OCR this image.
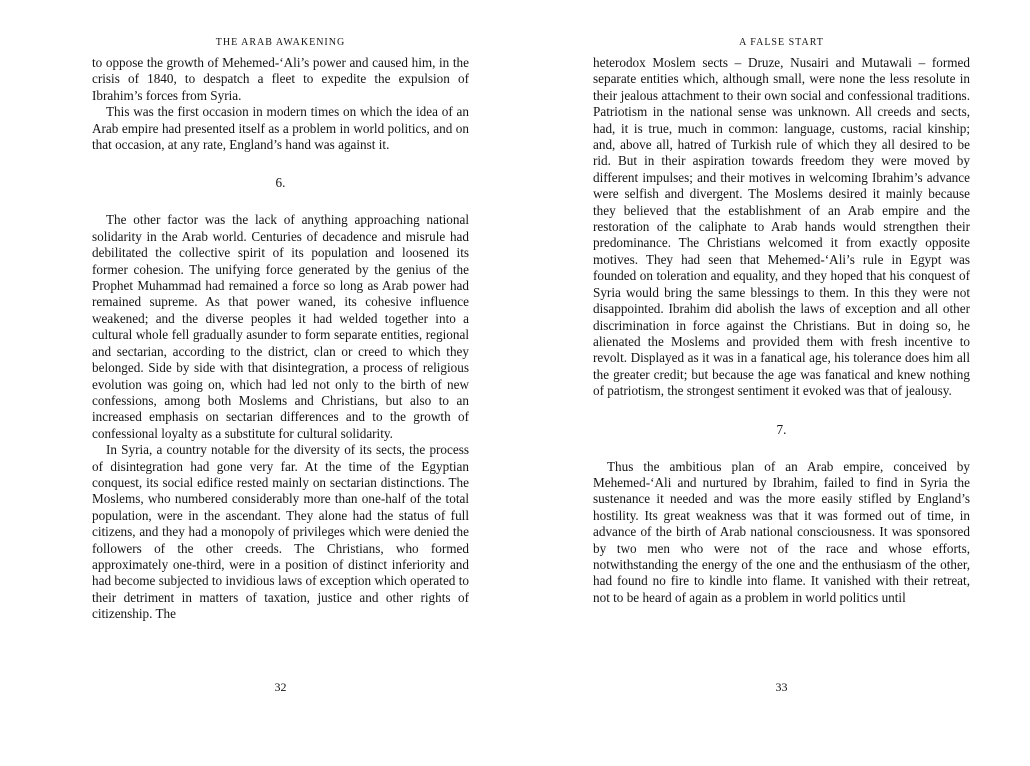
THE ARAB AWAKENING

to oppose the growth of Mehemed-‘Ali’s power and caused him, in the crisis of 1840, to despatch a fleet to expedite the expulsion of Ibrahim’s forces from Syria.

This was the first occasion in modern times on which the idea of an Arab empire had presented itself as a problem in world politics, and on that occasion, at any rate, England’s hand was against it.

6.

The other factor was the lack of anything approaching national solidarity in the Arab world. Centuries of decadence and misrule had debilitated the collective spirit of its population and loosened its former cohesion. The unifying force generated by the genius of the Prophet Muhammad had remained a force so long as Arab power had remained supreme. As that power waned, its cohesive influence weakened; and the diverse peoples it had welded together into a cultural whole fell gradually asunder to form separate entities, regional and sectarian, according to the district, clan or creed to which they belonged. Side by side with that disintegration, a process of religious evolution was going on, which had led not only to the birth of new confessions, among both Moslems and Christians, but also to an increased emphasis on sectarian differences and to the growth of confessional loyalty as a substitute for cultural solidarity.

In Syria, a country notable for the diversity of its sects, the process of disintegration had gone very far. At the time of the Egyptian conquest, its social edifice rested mainly on sectarian distinctions. The Moslems, who numbered considerably more than one-half of the total population, were in the ascendant. They alone had the status of full citizens, and they had a monopoly of privileges which were denied the followers of the other creeds. The Christians, who formed approximately one-third, were in a position of distinct inferiority and had become subjected to invidious laws of exception which operated to their detriment in matters of taxation, justice and other rights of citizenship. The

32
A FALSE START

heterodox Moslem sects – Druze, Nusairi and Mutawali – formed separate entities which, although small, were none the less resolute in their jealous attachment to their own social and confessional traditions. Patriotism in the national sense was unknown. All creeds and sects, had, it is true, much in common: language, customs, racial kinship; and, above all, hatred of Turkish rule of which they all desired to be rid. But in their aspiration towards freedom they were moved by different impulses; and their motives in welcoming Ibrahim’s advance were selfish and divergent. The Moslems desired it mainly because they believed that the establishment of an Arab empire and the restoration of the caliphate to Arab hands would strengthen their predominance. The Christians welcomed it from exactly opposite motives. They had seen that Mehemed-‘Ali’s rule in Egypt was founded on toleration and equality, and they hoped that his conquest of Syria would bring the same blessings to them. In this they were not disappointed. Ibrahim did abolish the laws of exception and all other discrimination in force against the Christians. But in doing so, he alienated the Moslems and provided them with fresh incentive to revolt. Displayed as it was in a fanatical age, his tolerance does him all the greater credit; but because the age was fanatical and knew nothing of patriotism, the strongest sentiment it evoked was that of jealousy.

7.

Thus the ambitious plan of an Arab empire, conceived by Mehemed-‘Ali and nurtured by Ibrahim, failed to find in Syria the sustenance it needed and was the more easily stifled by England’s hostility. Its great weakness was that it was formed out of time, in advance of the birth of Arab national consciousness. It was sponsored by two men who were not of the race and whose efforts, notwithstanding the energy of the one and the enthusiasm of the other, had found no fire to kindle into flame. It vanished with their retreat, not to be heard of again as a problem in world politics until

33
